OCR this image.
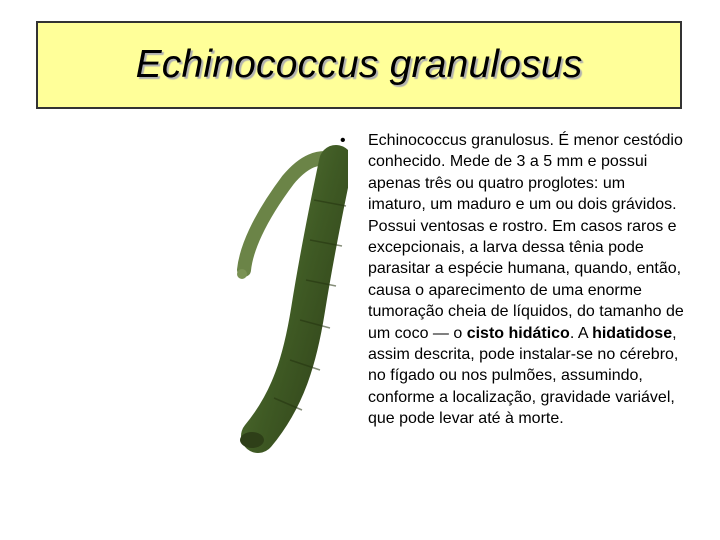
Echinococcus granulosus
•	Echinococcus granulosus. É menor cestódio conhecido. Mede de 3 a 5 mm e possui apenas três ou quatro proglotes: um imaturo, um maduro e um ou dois grávidos. Possui ventosas e rostro. Em casos raros e excepcionais, a larva dessa tênia pode parasitar a espécie humana, quando, então, causa o aparecimento de uma enorme tumoração cheia de líquidos, do tamanho de um coco — o cisto hidático. A hidatidose, assim descrita, pode instalar-se no cérebro, no fígado ou nos pulmões, assumindo, conforme a localização, gravidade variável, que pode levar até à morte.
